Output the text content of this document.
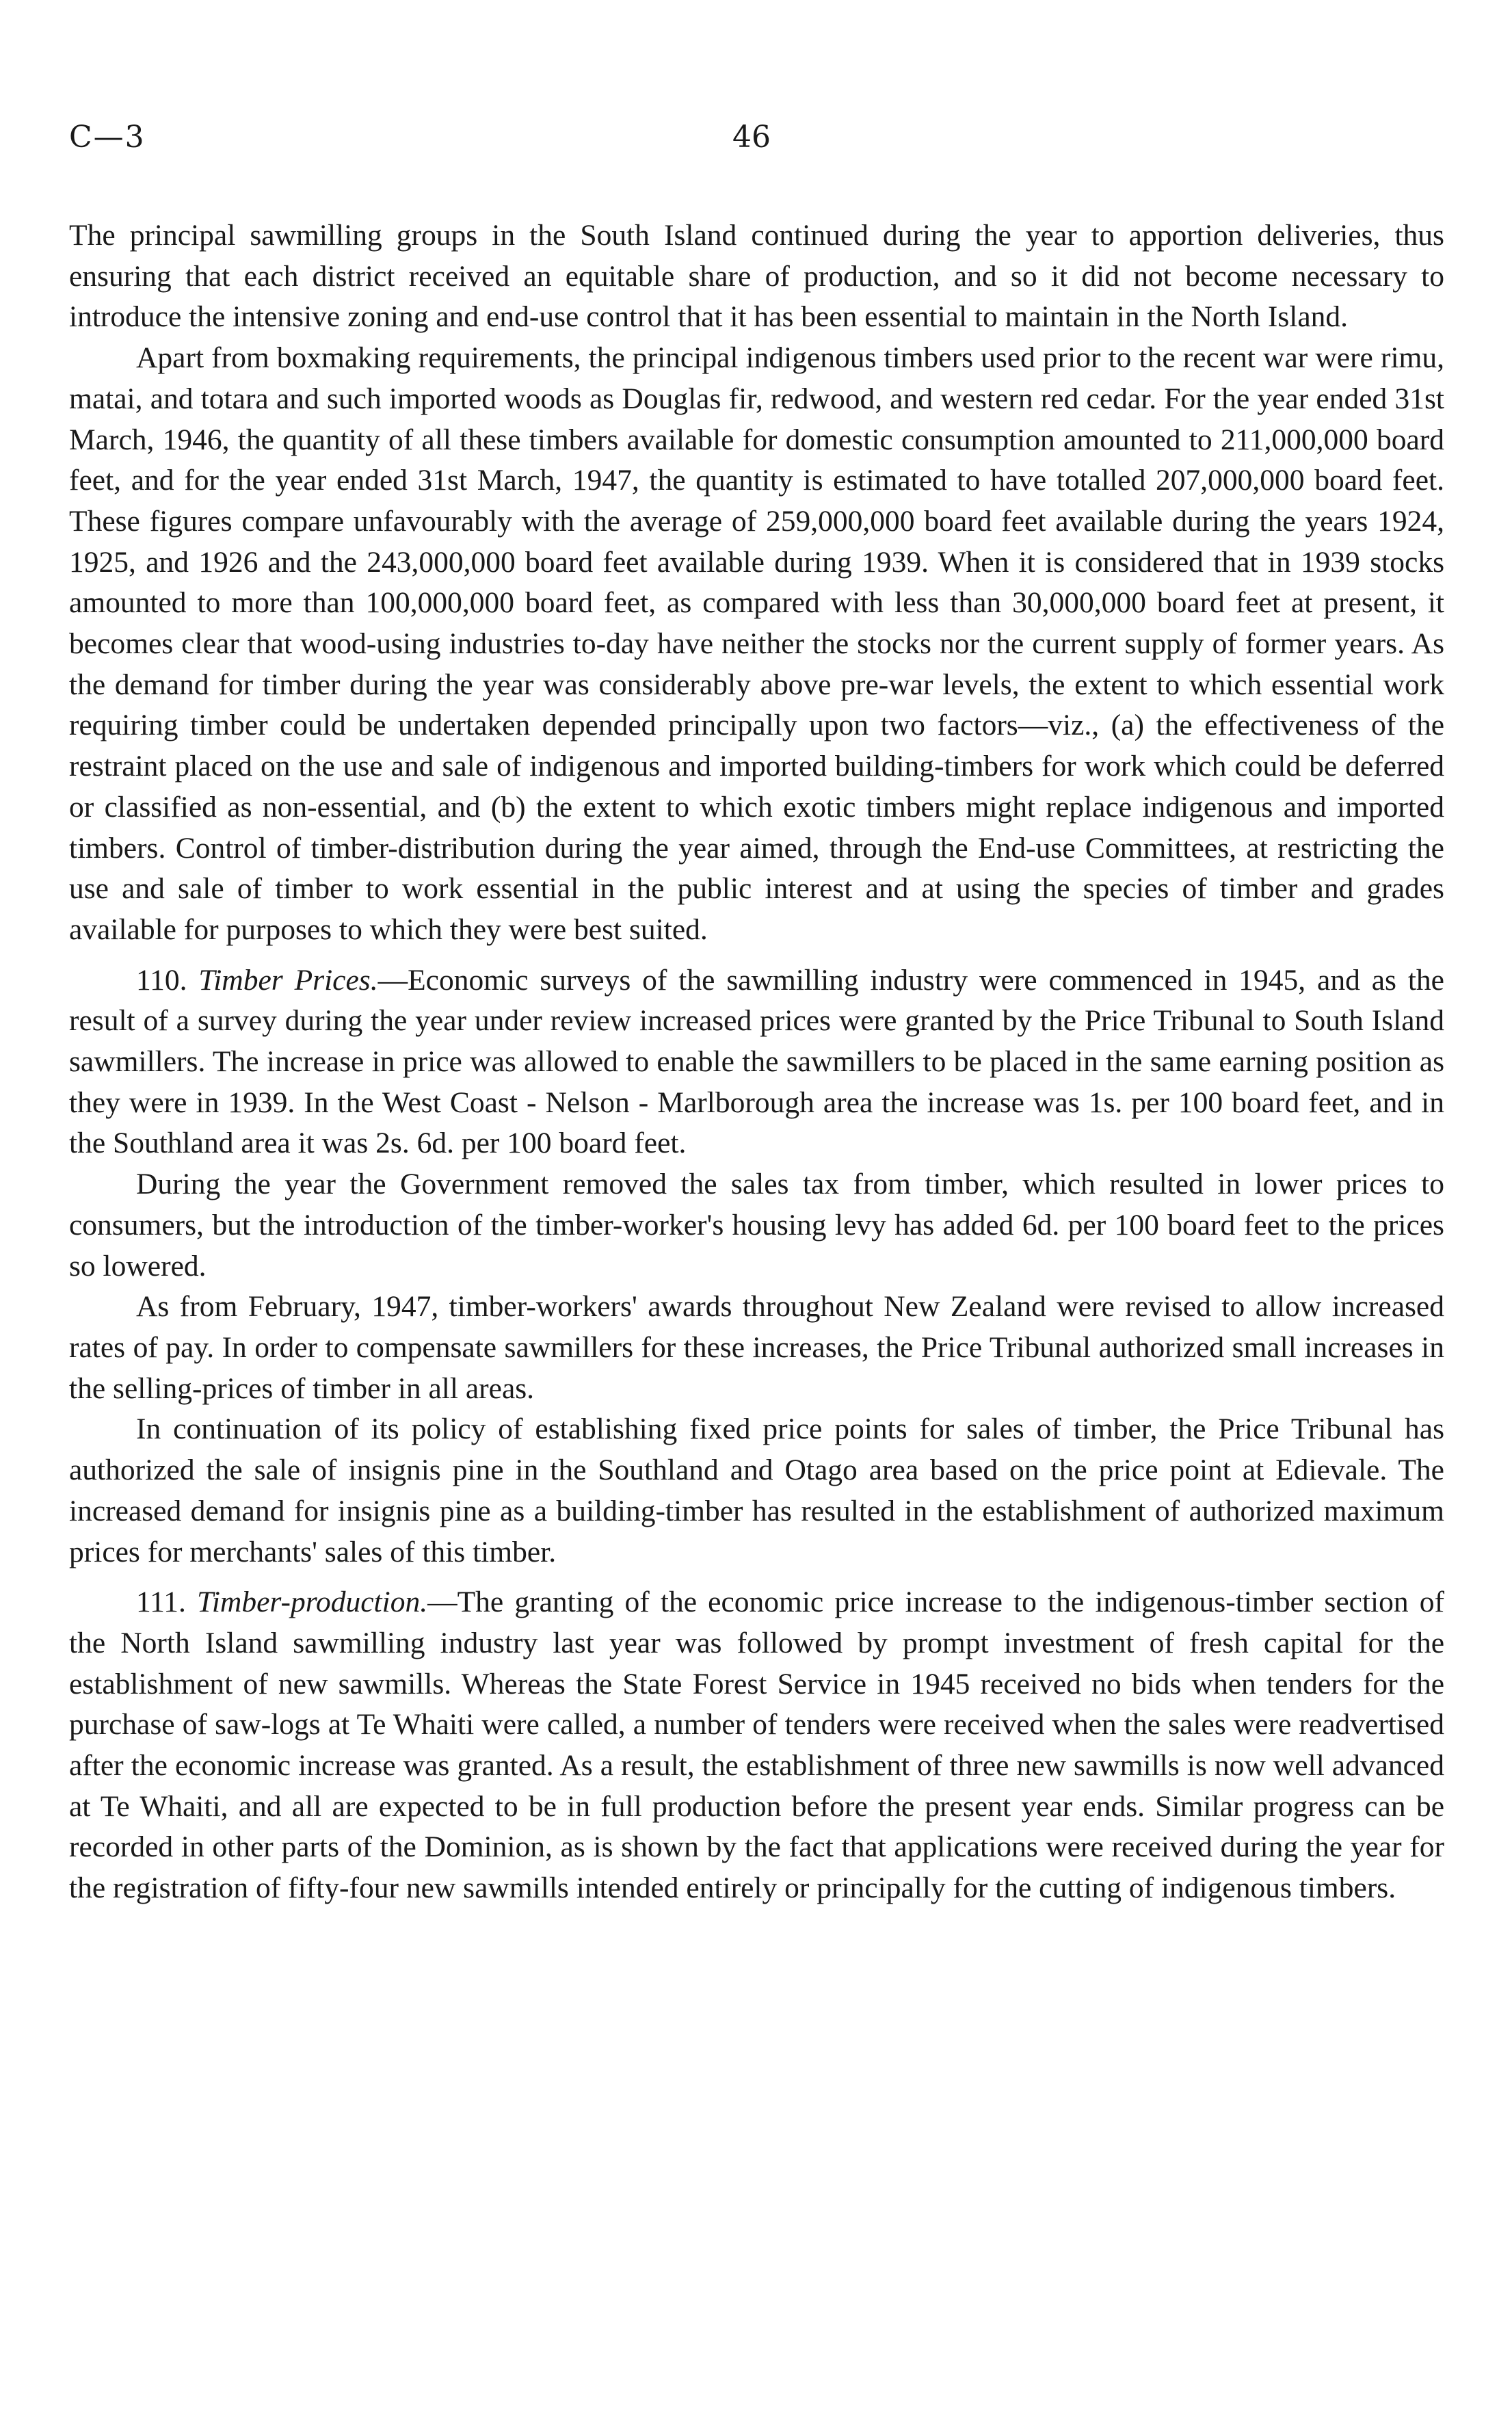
C—3	46

The principal sawmilling groups in the South Island continued during the year to apportion deliveries, thus ensuring that each district received an equitable share of production, and so it did not become necessary to introduce the intensive zoning and end-use control that it has been essential to maintain in the North Island.

Apart from boxmaking requirements, the principal indigenous timbers used prior to the recent war were rimu, matai, and totara and such imported woods as Douglas fir, redwood, and western red cedar. For the year ended 31st March, 1946, the quantity of all these timbers available for domestic consumption amounted to 211,000,000 board feet, and for the year ended 31st March, 1947, the quantity is estimated to have totalled 207,000,000 board feet. These figures compare unfavourably with the average of 259,000,000 board feet available during the years 1924, 1925, and 1926 and the 243,000,000 board feet available during 1939. When it is considered that in 1939 stocks amounted to more than 100,000,000 board feet, as compared with less than 30,000,000 board feet at present, it becomes clear that wood-using industries to-day have neither the stocks nor the current supply of former years. As the demand for timber during the year was considerably above pre-war levels, the extent to which essential work requiring timber could be undertaken depended principally upon two factors—viz., (a) the effectiveness of the restraint placed on the use and sale of indigenous and imported building-timbers for work which could be deferred or classified as non-essential, and (b) the extent to which exotic timbers might replace indigenous and imported timbers. Control of timber-distribution during the year aimed, through the End-use Committees, at restricting the use and sale of timber to work essential in the public interest and at using the species of timber and grades available for purposes to which they were best suited.

110. Timber Prices.—Economic surveys of the sawmilling industry were commenced in 1945, and as the result of a survey during the year under review increased prices were granted by the Price Tribunal to South Island sawmillers. The increase in price was allowed to enable the sawmillers to be placed in the same earning position as they were in 1939. In the West Coast - Nelson - Marlborough area the increase was 1s. per 100 board feet, and in the Southland area it was 2s. 6d. per 100 board feet.

During the year the Government removed the sales tax from timber, which resulted in lower prices to consumers, but the introduction of the timber-worker's housing levy has added 6d. per 100 board feet to the prices so lowered.

As from February, 1947, timber-workers' awards throughout New Zealand were revised to allow increased rates of pay. In order to compensate sawmillers for these increases, the Price Tribunal authorized small increases in the selling-prices of timber in all areas.

In continuation of its policy of establishing fixed price points for sales of timber, the Price Tribunal has authorized the sale of insignis pine in the Southland and Otago area based on the price point at Edievale. The increased demand for insignis pine as a building-timber has resulted in the establishment of authorized maximum prices for merchants' sales of this timber.

111. Timber-production.—The granting of the economic price increase to the indigenous-timber section of the North Island sawmilling industry last year was followed by prompt investment of fresh capital for the establishment of new sawmills. Whereas the State Forest Service in 1945 received no bids when tenders for the purchase of saw-logs at Te Whaiti were called, a number of tenders were received when the sales were readvertised after the economic increase was granted. As a result, the establishment of three new sawmills is now well advanced at Te Whaiti, and all are expected to be in full production before the present year ends. Similar progress can be recorded in other parts of the Dominion, as is shown by the fact that applications were received during the year for the registration of fifty-four new sawmills intended entirely or principally for the cutting of indigenous timbers.
